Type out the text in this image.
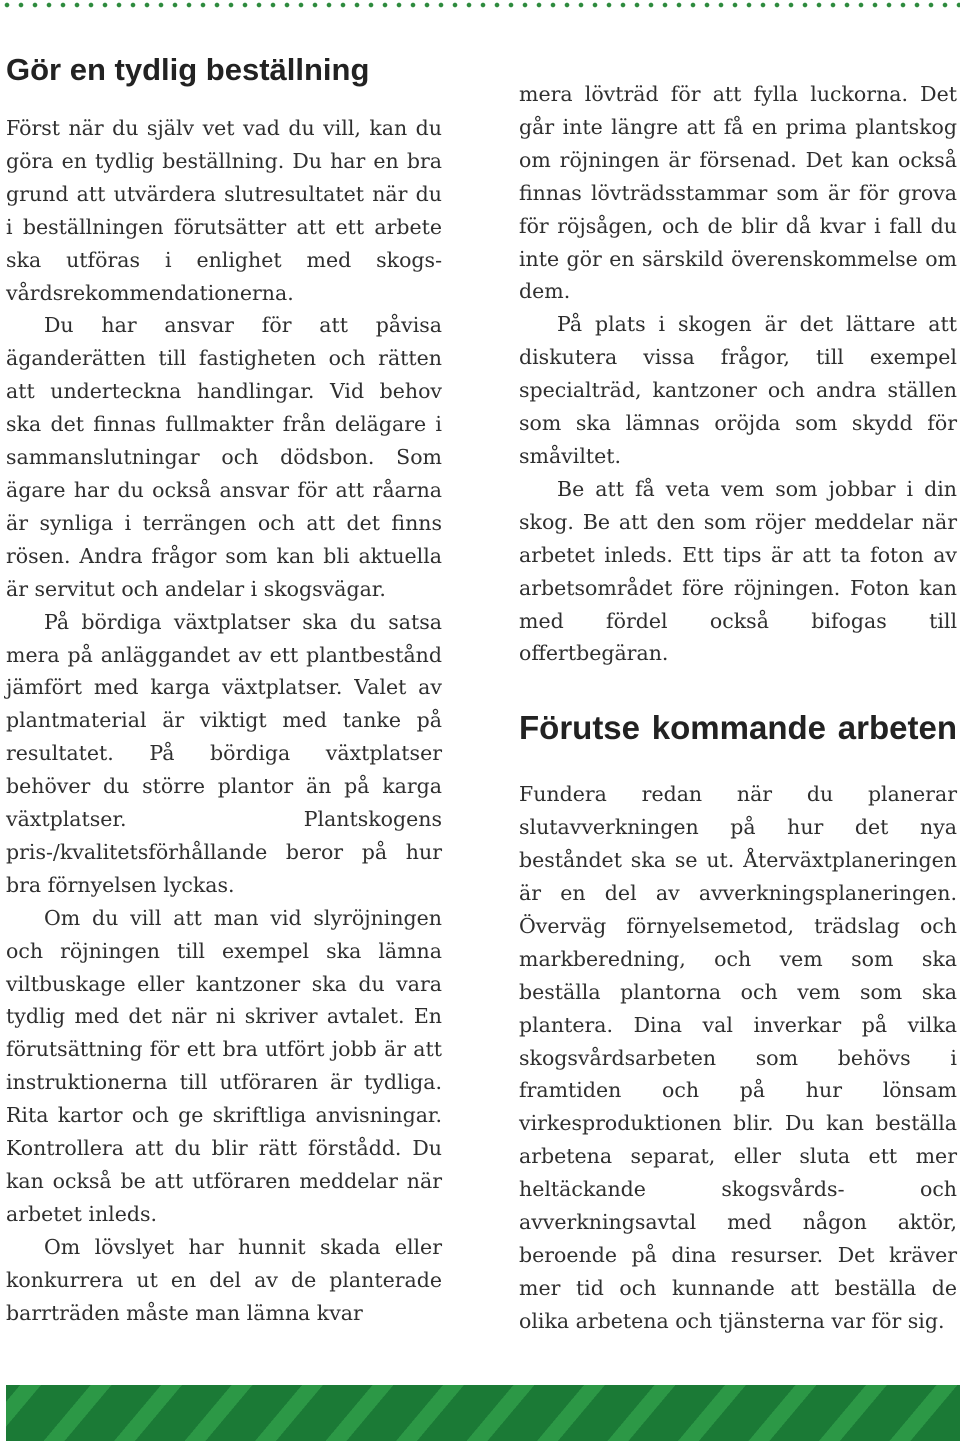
Gör en tydlig beställning

Först när du själv vet vad du vill, kan du göra en tydlig beställning. Du har en bra grund att utvärdera slutresultatet när du i beställningen förutsätter att ett arbete ska utföras i enlighet med skogs-vårdsrekommendationerna.

Du har ansvar för att påvisa äganderätten till fastigheten och rätten att underteckna handlingar. Vid behov ska det finnas fullmakter från delägare i sammanslutningar och dödsbon. Som ägare har du också ansvar för att råarna är synliga i terrängen och att det finns rösen. Andra frågor som kan bli aktuella är servitut och andelar i skogsvägar.

På bördiga växtplatser ska du satsa mera på anläggandet av ett plantbestånd jämfört med karga växtplatser. Valet av plantmaterial är viktigt med tanke på resultatet. På bördiga växtplatser behöver du större plantor än på karga växtplatser. Plantskogens pris-/kvalitetsförhållande beror på hur bra förnyelsen lyckas.

Om du vill att man vid slyröjningen och röjningen till exempel ska lämna viltbuskage eller kantzoner ska du vara tydlig med det när ni skriver avtalet. En förutsättning för ett bra utfört jobb är att instruktionerna till utföraren är tydliga. Rita kartor och ge skriftliga anvisningar. Kontrollera att du blir rätt förstådd. Du kan också be att utföraren meddelar när arbetet inleds.

Om lövslyet har hunnit skada eller konkurrera ut en del av de planterade barrträden måste man lämna kvar

mera lövträd för att fylla luckorna. Det går inte längre att få en prima plantskog om röjningen är försenad. Det kan också finnas lövträdsstammar som är för grova för röjsågen, och de blir då kvar i fall du inte gör en särskild överenskommelse om dem.

På plats i skogen är det lättare att diskutera vissa frågor, till exempel specialträd, kantzoner och andra ställen som ska lämnas oröjda som skydd för småviltet.

Be att få veta vem som jobbar i din skog. Be att den som röjer meddelar när arbetet inleds. Ett tips är att ta foton av arbetsområdet före röjningen. Foton kan med fördel också bifogas till offertbegäran.

Förutse kommande arbeten

Fundera redan när du planerar slutavverkningen på hur det nya beståndet ska se ut. Återväxtplaneringen är en del av avverkningsplaneringen. Överväg förnyelsemetod, trädslag och markberedning, och vem som ska beställa plantorna och vem som ska plantera. Dina val inverkar på vilka skogsvårdsarbeten som behövs i framtiden och på hur lönsam virkesproduktionen blir. Du kan beställa arbetena separat, eller sluta ett mer heltäckande skogsvårds- och avverkningsavtal med någon aktör, beroende på dina resurser. Det kräver mer tid och kunnande att beställa de olika arbetena och tjänsterna var för sig.
